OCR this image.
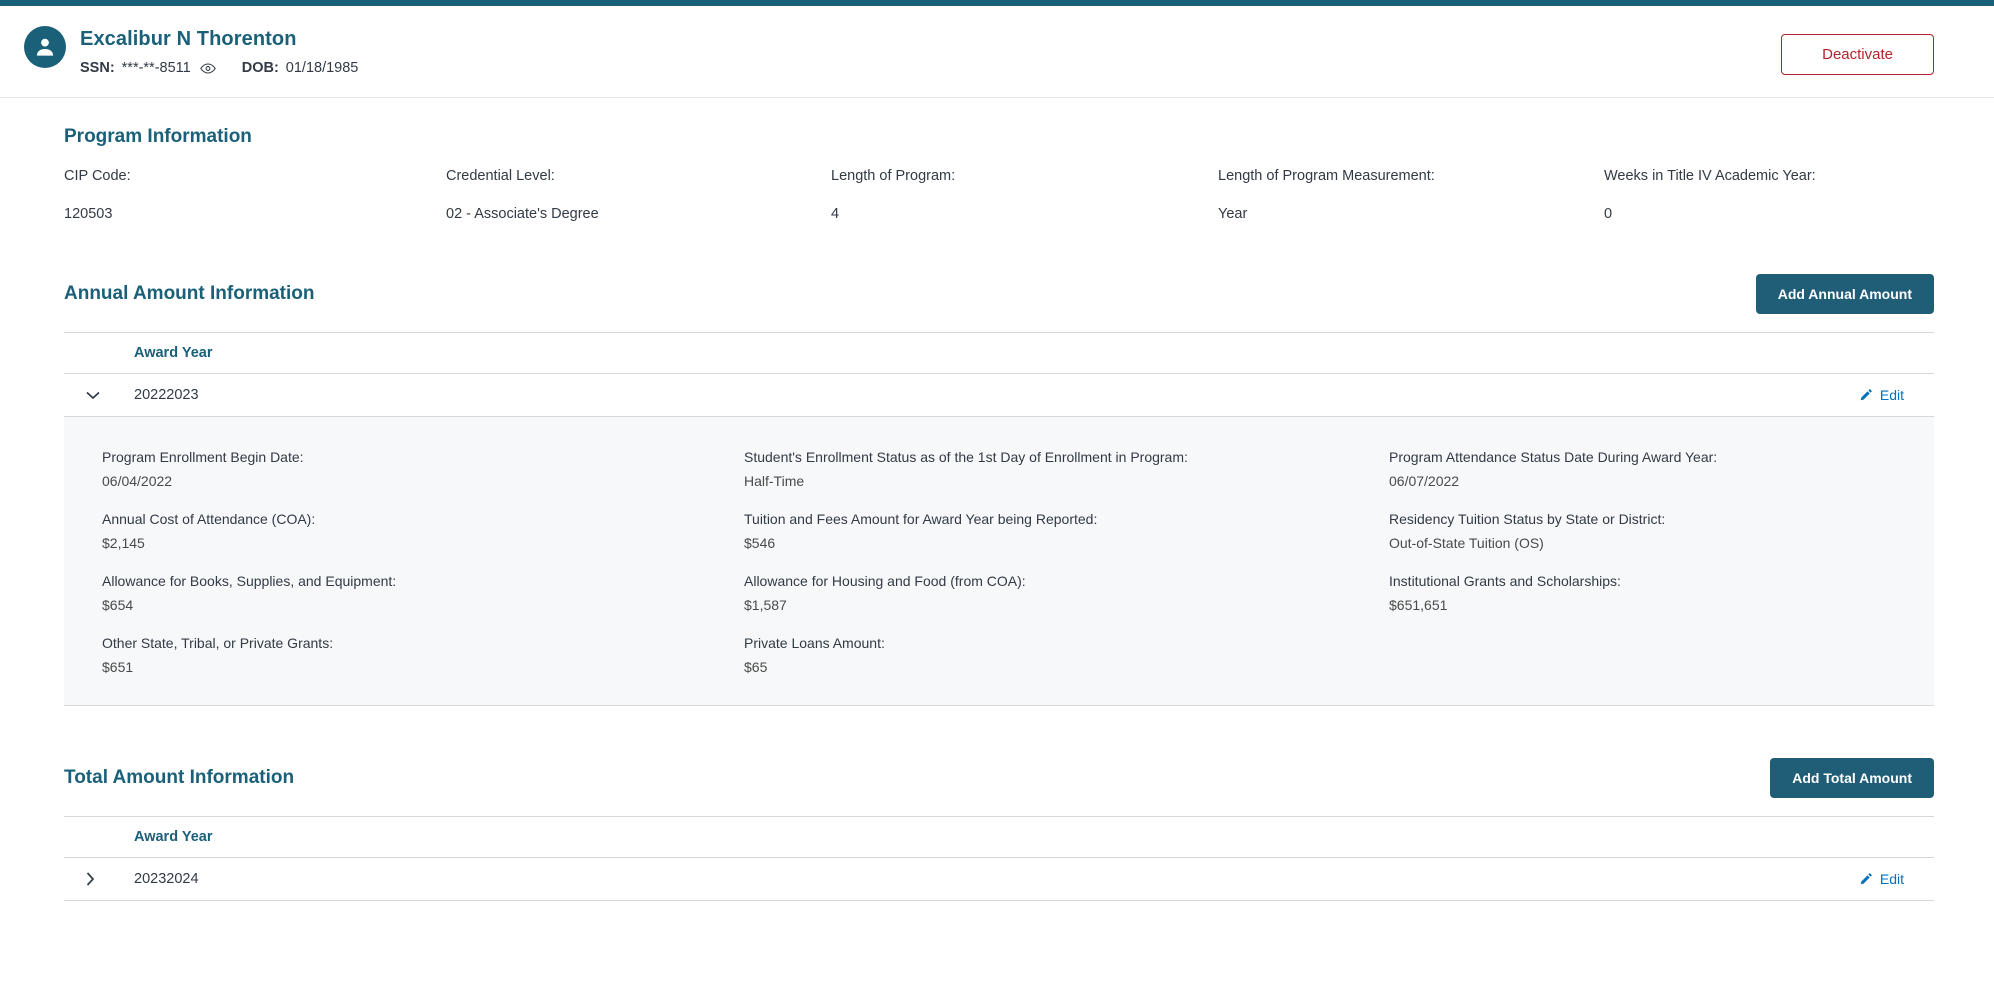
Excalibur N Thorenton
SSN: ***-**-8511	DOB: 01/18/1985
Deactivate
Program Information
CIP Code:	Credential Level:	Length of Program:	Length of Program Measurement:	Weeks in Title IV Academic Year:
120503	02 - Associate's Degree	4	Year	0
Annual Amount Information	Add Annual Amount
Award Year
20222023	Edit
Program Enrollment Begin Date:	Student's Enrollment Status as of the 1st Day of Enrollment in Program:	Program Attendance Status Date During Award Year:
06/04/2022	Half-Time	06/07/2022
Annual Cost of Attendance (COA):	Tuition and Fees Amount for Award Year being Reported:	Residency Tuition Status by State or District:
$2,145	$546	Out-of-State Tuition (OS)
Allowance for Books, Supplies, and Equipment:	Allowance for Housing and Food (from COA):	Institutional Grants and Scholarships:
$654	$1,587	$651,651
Other State, Tribal, or Private Grants:	Private Loans Amount:
$651	$65
Total Amount Information	Add Total Amount
Award Year
20232024	Edit
